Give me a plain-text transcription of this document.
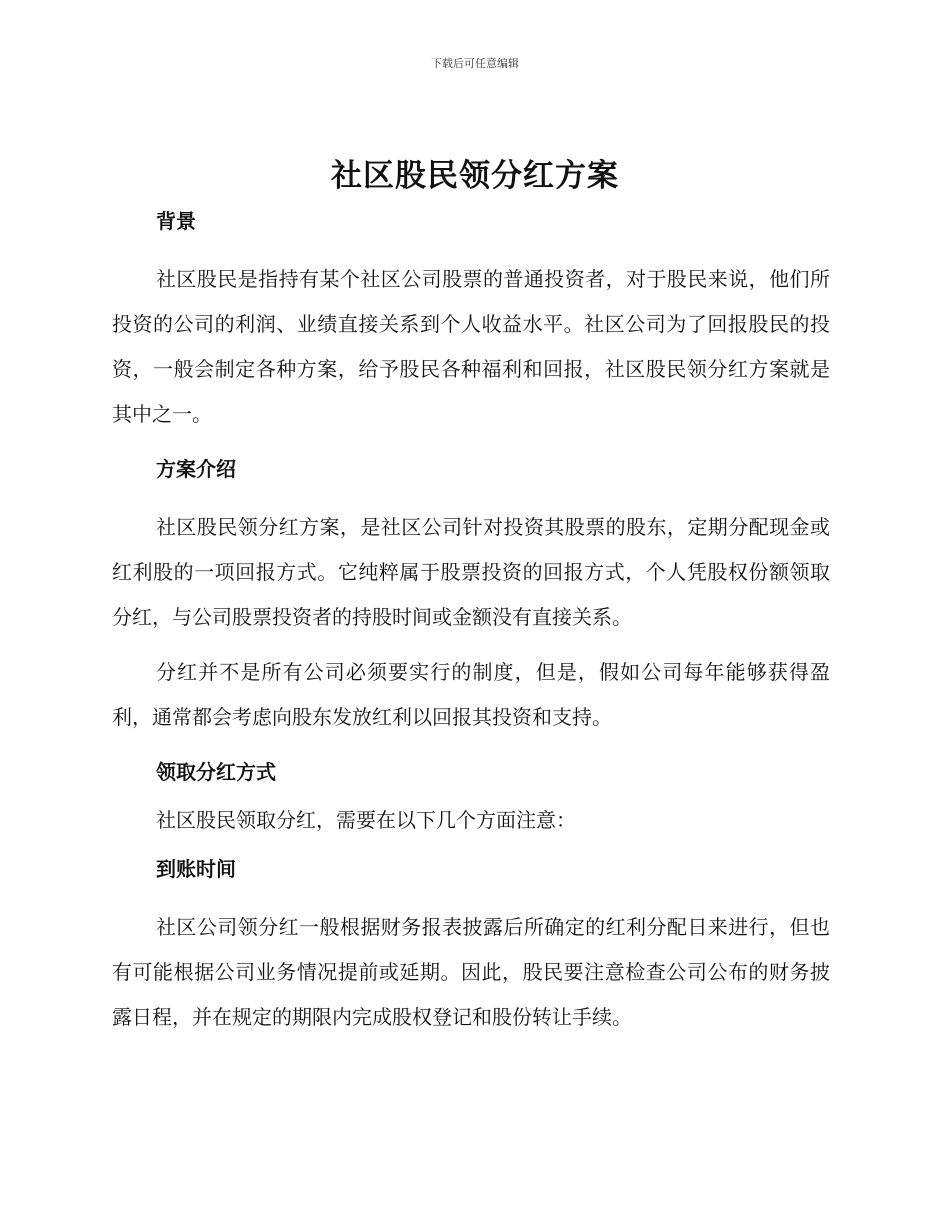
下载后可任意编辑
社区股民领分红方案
背景

社区股民是指持有某个社区公司股票的普通投资者，对于股民来说，他们所投资的公司的利润、业绩直接关系到个人收益水平。社区公司为了回报股民的投资，一般会制定各种方案，给予股民各种福利和回报，社区股民领分红方案就是其中之一。

方案介绍

社区股民领分红方案，是社区公司针对投资其股票的股东，定期分配现金或红利股的一项回报方式。它纯粹属于股票投资的回报方式，个人凭股权份额领取分红，与公司股票投资者的持股时间或金额没有直接关系。

分红并不是所有公司必须要实行的制度，但是，假如公司每年能够获得盈利，通常都会考虑向股东发放红利以回报其投资和支持。

领取分红方式

社区股民领取分红，需要在以下几个方面注意：

到账时间

社区公司领分红一般根据财务报表披露后所确定的红利分配日来进行，但也有可能根据公司业务情况提前或延期。因此，股民要注意检查公司公布的财务披露日程，并在规定的期限内完成股权登记和股份转让手续。
